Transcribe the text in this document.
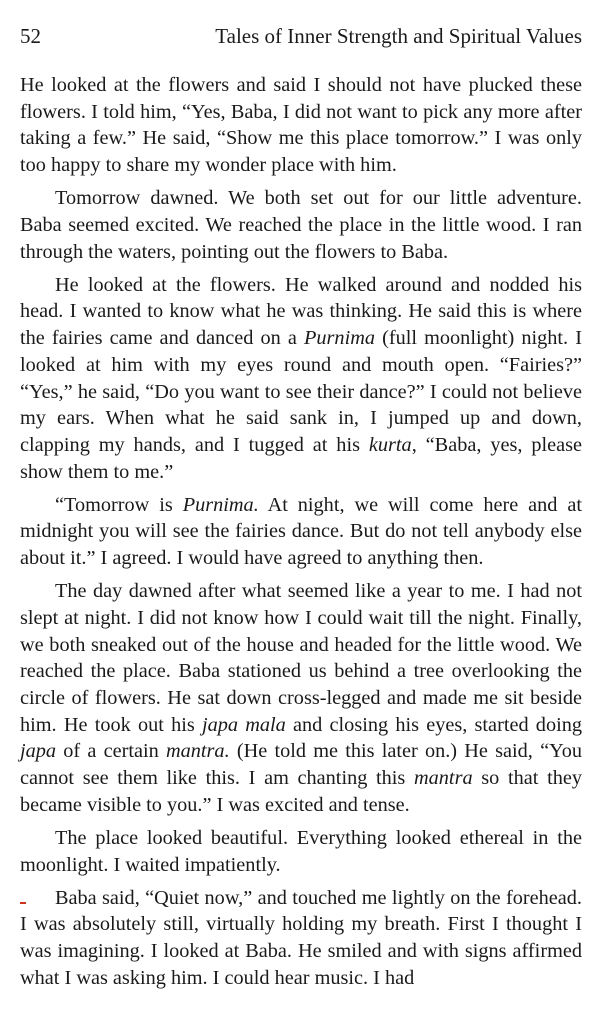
52	Tales of Inner Strength and Spiritual Values

He looked at the flowers and said I should not have plucked these flowers. I told him, “Yes, Baba, I did not want to pick any more after taking a few.” He said, “Show me this place tomorrow.” I was only too happy to share my wonder place with him.

Tomorrow dawned. We both set out for our little adventure. Baba seemed excited. We reached the place in the little wood. I ran through the waters, pointing out the flowers to Baba.

He looked at the flowers. He walked around and nodded his head. I wanted to know what he was thinking. He said this is where the fairies came and danced on a Purnima (full moonlight) night. I looked at him with my eyes round and mouth open. “Fairies?” “Yes,” he said, “Do you want to see their dance?” I could not believe my ears. When what he said sank in, I jumped up and down, clapping my hands, and I tugged at his kurta, “Baba, yes, please show them to me.”

“Tomorrow is Purnima. At night, we will come here and at midnight you will see the fairies dance. But do not tell anybody else about it.” I agreed. I would have agreed to anything then.

The day dawned after what seemed like a year to me. I had not slept at night. I did not know how I could wait till the night. Finally, we both sneaked out of the house and headed for the little wood. We reached the place. Baba stationed us behind a tree overlooking the circle of flowers. He sat down cross-legged and made me sit beside him. He took out his japa mala and closing his eyes, started doing japa of a certain mantra. (He told me this later on.) He said, “You cannot see them like this. I am chanting this mantra so that they became visible to you.” I was excited and tense.

The place looked beautiful. Everything looked ethereal in the moonlight. I waited impatiently.

Baba said, “Quiet now,” and touched me lightly on the forehead. I was absolutely still, virtually holding my breath. First I thought I was imagining. I looked at Baba. He smiled and with signs affirmed what I was asking him. I could hear music. I had
